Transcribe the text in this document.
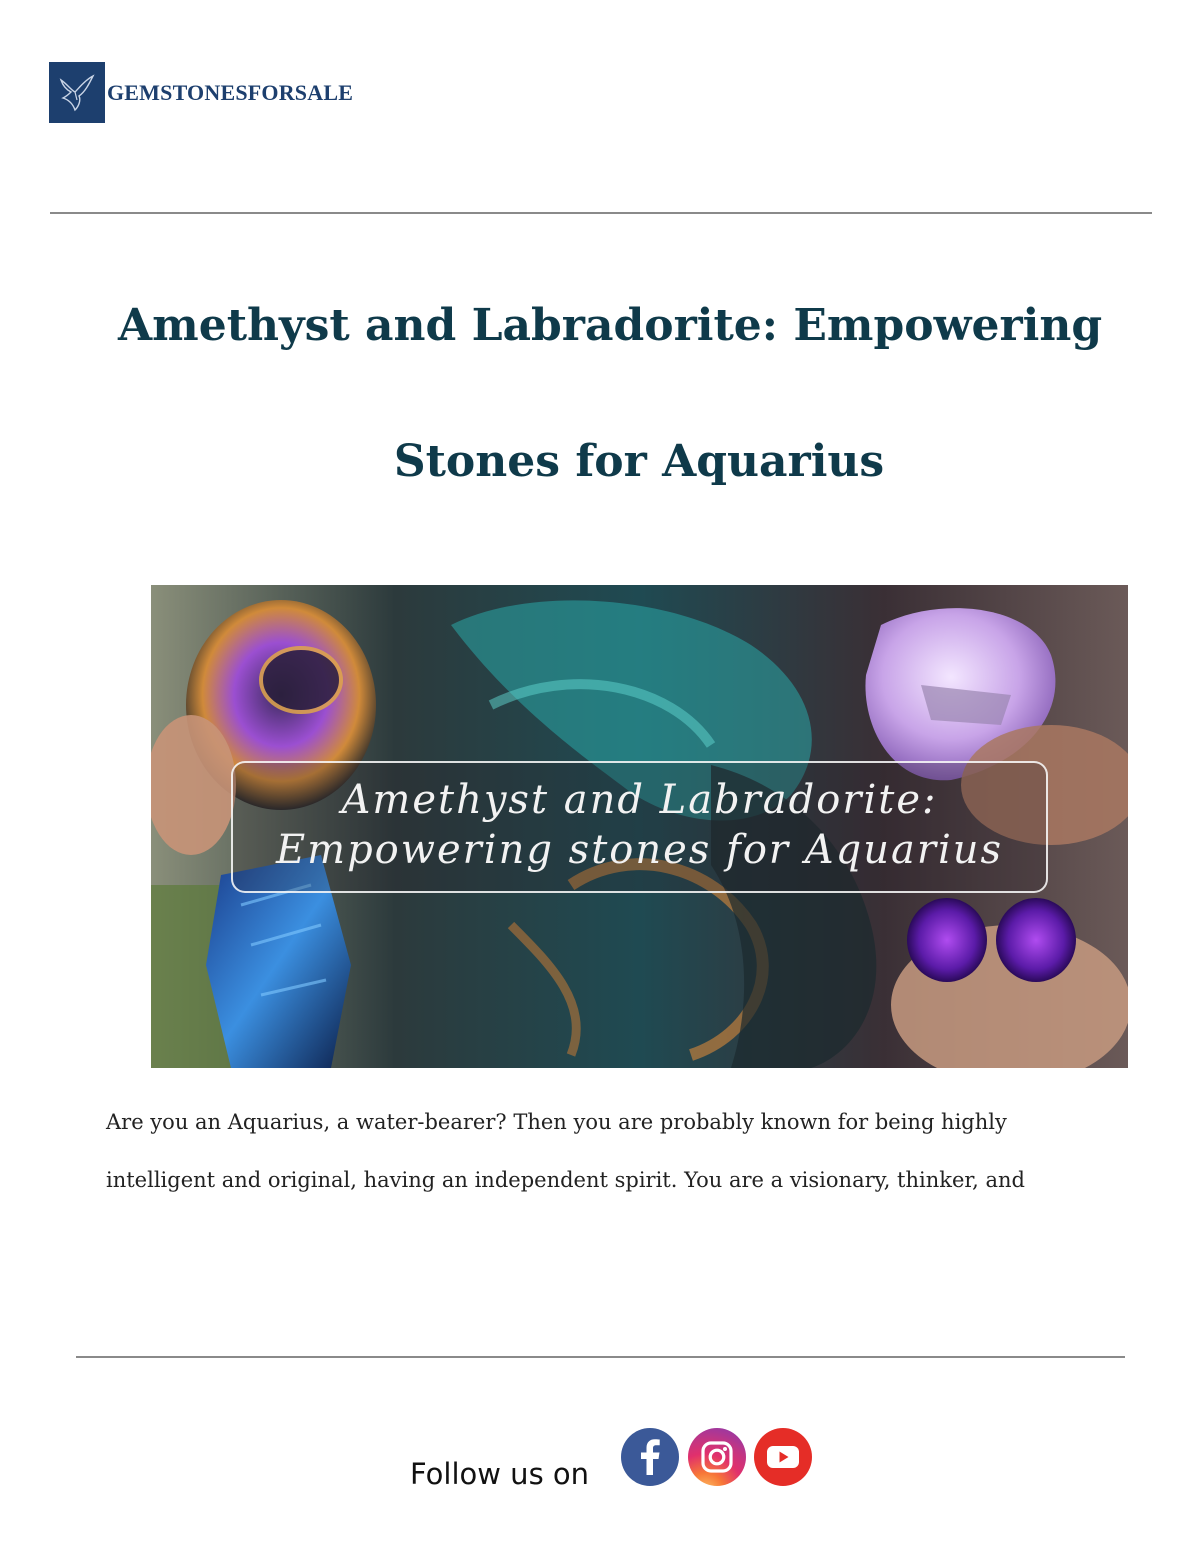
GEMSTONESFORSALE
Amethyst and Labradorite: Empowering
Stones for Aquarius
Amethyst and Labradorite:
Empowering stones for Aquarius

Are you an Aquarius, a water-bearer? Then you are probably known for being highly

intelligent and original, having an independent spirit. You are a visionary, thinker, and

Follow us on
